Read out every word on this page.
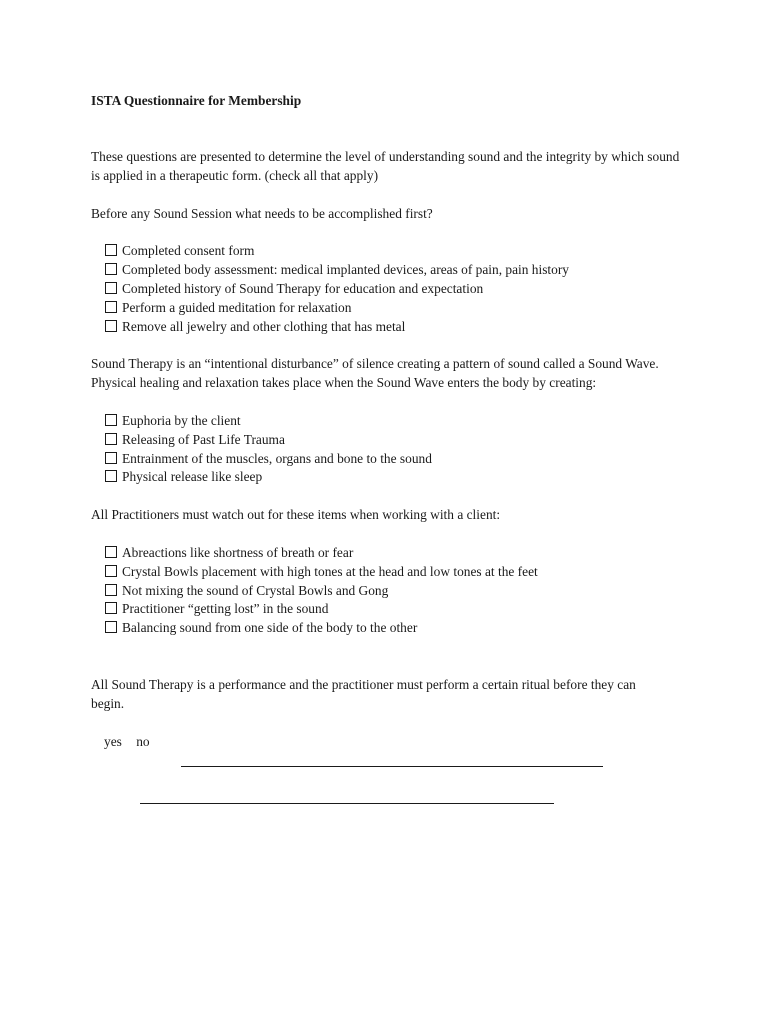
ISTA Questionnaire for Membership

These questions are presented to determine the level of understanding sound and the integrity by which sound is applied in a therapeutic form. (check all that apply)

Before any Sound Session what needs to be accomplished first?

Completed consent form
Completed body assessment: medical implanted devices, areas of pain, pain history
Completed history of Sound Therapy for education and expectation
Perform a guided meditation for relaxation
Remove all jewelry and other clothing that has metal

Sound Therapy is an “intentional disturbance” of silence creating a pattern of sound called a Sound Wave.
Physical healing and relaxation takes place when the Sound Wave enters the body by creating:

Euphoria by the client
Releasing of Past Life Trauma
Entrainment of the muscles, organs and bone to the sound
Physical release like sleep

All Practitioners must watch out for these items when working with a client:

Abreactions like shortness of breath or fear
Crystal Bowls placement with high tones at the head and low tones at the feet
Not mixing the sound of Crystal Bowls and Gong
Practitioner “getting lost” in the sound
Balancing sound from one side of the body to the other

All Sound Therapy is a performance and the practitioner must perform a certain ritual before they can
begin.

yes no
